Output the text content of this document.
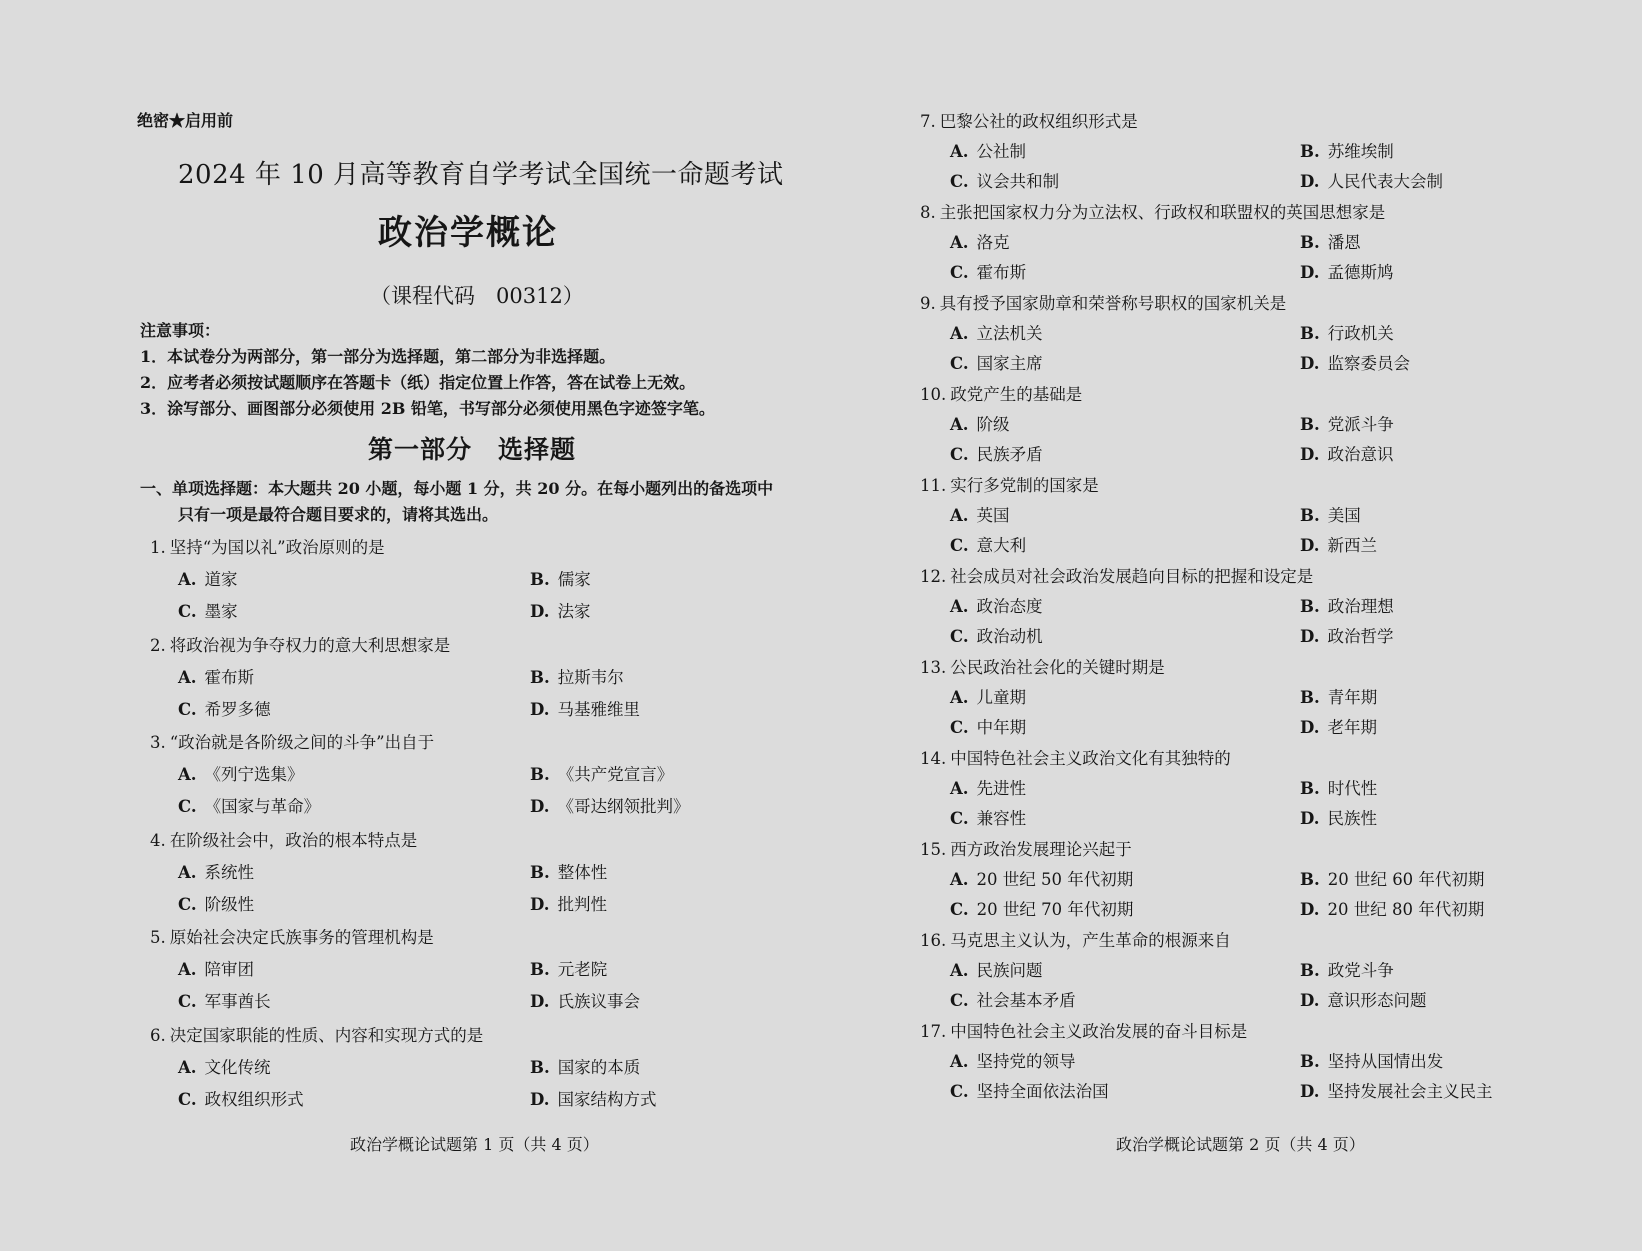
绝密★启用前
2024 年 10 月高等教育自学考试全国统一命题考试
政治学概论
（课程代码　00312）
注意事项：
1．本试卷分为两部分，第一部分为选择题，第二部分为非选择题。
2．应考者必须按试题顺序在答题卡（纸）指定位置上作答，答在试卷上无效。
3．涂写部分、画图部分必须使用 2B 铅笔，书写部分必须使用黑色字迹签字笔。
第一部分　选择题
一、单项选择题：本大题共 20 小题，每小题 1 分，共 20 分。在每小题列出的备选项中
只有一项是最符合题目要求的，请将其选出。
1. 坚持“为国以礼”政治原则的是
A. 道家	B. 儒家
C. 墨家	D. 法家
2. 将政治视为争夺权力的意大利思想家是
A. 霍布斯	B. 拉斯韦尔
C. 希罗多德	D. 马基雅维里
3. “政治就是各阶级之间的斗争”出自于
A. 《列宁选集》	B. 《共产党宣言》
C. 《国家与革命》	D. 《哥达纲领批判》
4. 在阶级社会中，政治的根本特点是
A. 系统性	B. 整体性
C. 阶级性	D. 批判性
5. 原始社会决定氏族事务的管理机构是
A. 陪审团	B. 元老院
C. 军事酋长	D. 氏族议事会
6. 决定国家职能的性质、内容和实现方式的是
A. 文化传统	B. 国家的本质
C. 政权组织形式	D. 国家结构方式
政治学概论试题第 1 页（共 4 页）
7. 巴黎公社的政权组织形式是
A. 公社制	B. 苏维埃制
C. 议会共和制	D. 人民代表大会制
8. 主张把国家权力分为立法权、行政权和联盟权的英国思想家是
A. 洛克	B. 潘恩
C. 霍布斯	D. 孟德斯鸠
9. 具有授予国家勋章和荣誉称号职权的国家机关是
A. 立法机关	B. 行政机关
C. 国家主席	D. 监察委员会
10. 政党产生的基础是
A. 阶级	B. 党派斗争
C. 民族矛盾	D. 政治意识
11. 实行多党制的国家是
A. 英国	B. 美国
C. 意大利	D. 新西兰
12. 社会成员对社会政治发展趋向目标的把握和设定是
A. 政治态度	B. 政治理想
C. 政治动机	D. 政治哲学
13. 公民政治社会化的关键时期是
A. 儿童期	B. 青年期
C. 中年期	D. 老年期
14. 中国特色社会主义政治文化有其独特的
A. 先进性	B. 时代性
C. 兼容性	D. 民族性
15. 西方政治发展理论兴起于
A. 20 世纪 50 年代初期	B. 20 世纪 60 年代初期
C. 20 世纪 70 年代初期	D. 20 世纪 80 年代初期
16. 马克思主义认为，产生革命的根源来自
A. 民族问题	B. 政党斗争
C. 社会基本矛盾	D. 意识形态问题
17. 中国特色社会主义政治发展的奋斗目标是
A. 坚持党的领导	B. 坚持从国情出发
C. 坚持全面依法治国	D. 坚持发展社会主义民主
政治学概论试题第 2 页（共 4 页）
